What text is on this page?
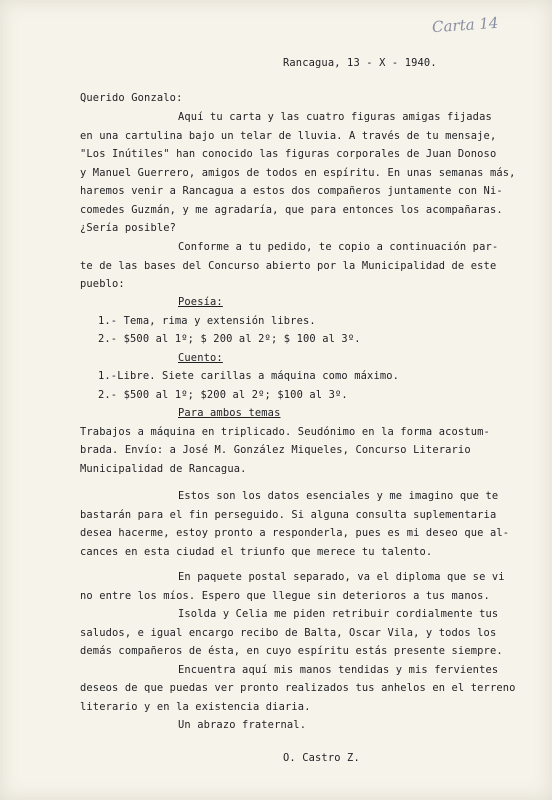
Carta 14
Rancagua, 13 - X - 1940.
Querido Gonzalo:
Aquí tu carta y las cuatro figuras amigas fijadas
en una cartulina bajo un telar de lluvia. A través de tu mensaje,
"Los Inútiles" han conocido las figuras corporales de Juan Donoso
y Manuel Guerrero, amigos de todos en espíritu. En unas semanas más,
haremos venir a Rancagua a estos dos compañeros juntamente con Ni-
comedes Guzmán, y me agradaría, que para entonces los acompañaras.
¿Sería posible?
Conforme a tu pedido, te copio a continuación par-
te de las bases del Concurso abierto por la Municipalidad de este
pueblo:
Poesía:
1.- Tema, rima y extensión libres.
2.- $500 al 1º; $ 200 al 2º; $ 100 al 3º.
Cuento:
1.-Libre. Siete carillas a máquina como máximo.
2.- $500 al 1º; $200 al 2º; $100 al 3º.
Para ambos temas
Trabajos a máquina en triplicado. Seudónimo en la forma acostum-
brada. Envío: a José M. González Miqueles, Concurso Literario
Municipalidad de Rancagua.
Estos son los datos esenciales y me imagino que te
bastarán para el fin perseguido. Si alguna consulta suplementaria
desea hacerme, estoy pronto a responderla, pues es mi deseo que al-
cances en esta ciudad el triunfo que merece tu talento.
En paquete postal separado, va el diploma que se vi
no entre los míos. Espero que llegue sin deterioros a tus manos.
Isolda y Celia me piden retribuir cordialmente tus
saludos, e igual encargo recibo de Balta, Oscar Vila, y todos los
demás compañeros de ésta, en cuyo espíritu estás presente siempre.
Encuentra aquí mis manos tendidas y mis fervientes
deseos de que puedas ver pronto realizados tus anhelos en el terreno
literario y en la existencia diaria.
Un abrazo fraternal.
O. Castro Z.
